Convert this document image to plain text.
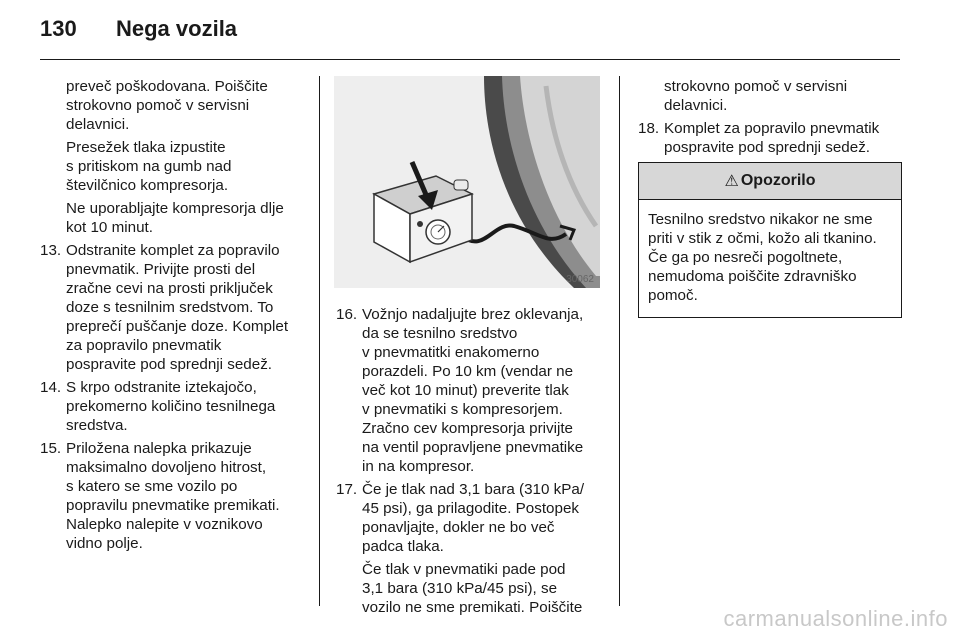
130	Nega vozila

preveč poškodovana. Poiščite
strokovno pomoč v servisni
delavnici.

Presežek tlaka izpustite
s pritiskom na gumb nad
številčnico kompresorja.

Ne uporabljajte kompresorja dlje
kot 10 minut.

13. Odstranite komplet za popravilo
pnevmatik. Privijte prosti del
zračne cevi na prosti priključek
doze s tesnilnim sredstvom. To
preprečí puščanje doze. Komplet
za popravilo pnevmatik
pospravite pod sprednji sedež.
14. S krpo odstranite iztekajočo,
prekomerno količino tesnilnega
sredstva.
15. Priložena nalepka prikazuje
maksimalno dovoljeno hitrost,
s katero se sme vozilo po
popravilu pnevmatike premikati.
Nalepko nalepite v voznikovo
vidno polje.
30062
16. Vožnjo nadaljujte brez oklevanja,
da se tesnilno sredstvo
v pnevmatitki enakomerno
porazdeli. Po 10 km (vendar ne
več kot 10 minut) preverite tlak
v pnevmatiki s kompresorjem.
Zračno cev kompresorja privijte
na ventil popravljene pnevmatike
in na kompresor.
17. Če je tlak nad 3,1 bara (310 kPa/
45 psi), ga prilagodite. Postopek
ponavljajte, dokler ne bo več
padca tlaka.

Če tlak v pnevmatiki pade pod
3,1 bara (310 kPa/45 psi), se
vozilo ne sme premikati. Poiščite

strokovno pomoč v servisni
delavnici.

18. Komplet za popravilo pnevmatik
pospravite pod sprednji sedež.
⚠ Opozorilo
Tesnilno sredstvo nikakor ne sme
priti v stik z očmi, kožo ali tkanino.
Če ga po nesreči pogoltnete,
nemudoma poiščite zdravniško
pomoč.
carmanualsonline.info
